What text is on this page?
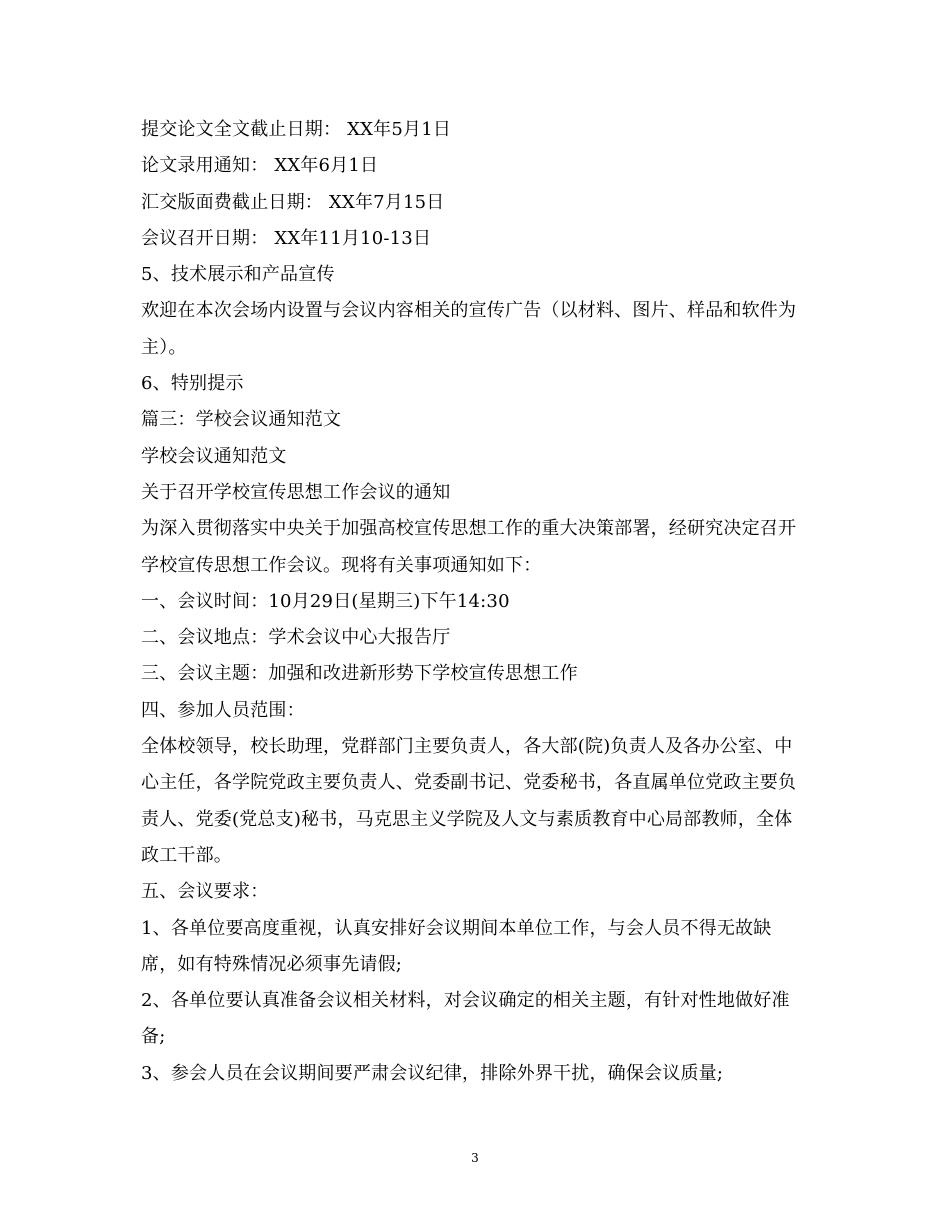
提交论文全文截止日期： XX年5月1日
论文录用通知： XX年6月1日
汇交版面费截止日期： XX年7月15日
会议召开日期： XX年11月10-13日
5、技术展示和产品宣传
欢迎在本次会场内设置与会议内容相关的宣传广告（以材料、图片、样品和软件为
主）。
6、特别提示
篇三：学校会议通知范文
学校会议通知范文
关于召开学校宣传思想工作会议的通知
为深入贯彻落实中央关于加强高校宣传思想工作的重大决策部署，经研究决定召开
学校宣传思想工作会议。现将有关事项通知如下：
一、会议时间：10月29日(星期三)下午14:30
二、会议地点：学术会议中心大报告厅
三、会议主题：加强和改进新形势下学校宣传思想工作
四、参加人员范围：
全体校领导，校长助理，党群部门主要负责人，各大部(院)负责人及各办公室、中
心主任，各学院党政主要负责人、党委副书记、党委秘书，各直属单位党政主要负
责人、党委(党总支)秘书，马克思主义学院及人文与素质教育中心局部教师，全体
政工干部。
五、会议要求：
1、各单位要高度重视，认真安排好会议期间本单位工作，与会人员不得无故缺
席，如有特殊情况必须事先请假;
2、各单位要认真准备会议相关材料，对会议确定的相关主题，有针对性地做好准
备;
3、参会人员在会议期间要严肃会议纪律，排除外界干扰，确保会议质量;
3
